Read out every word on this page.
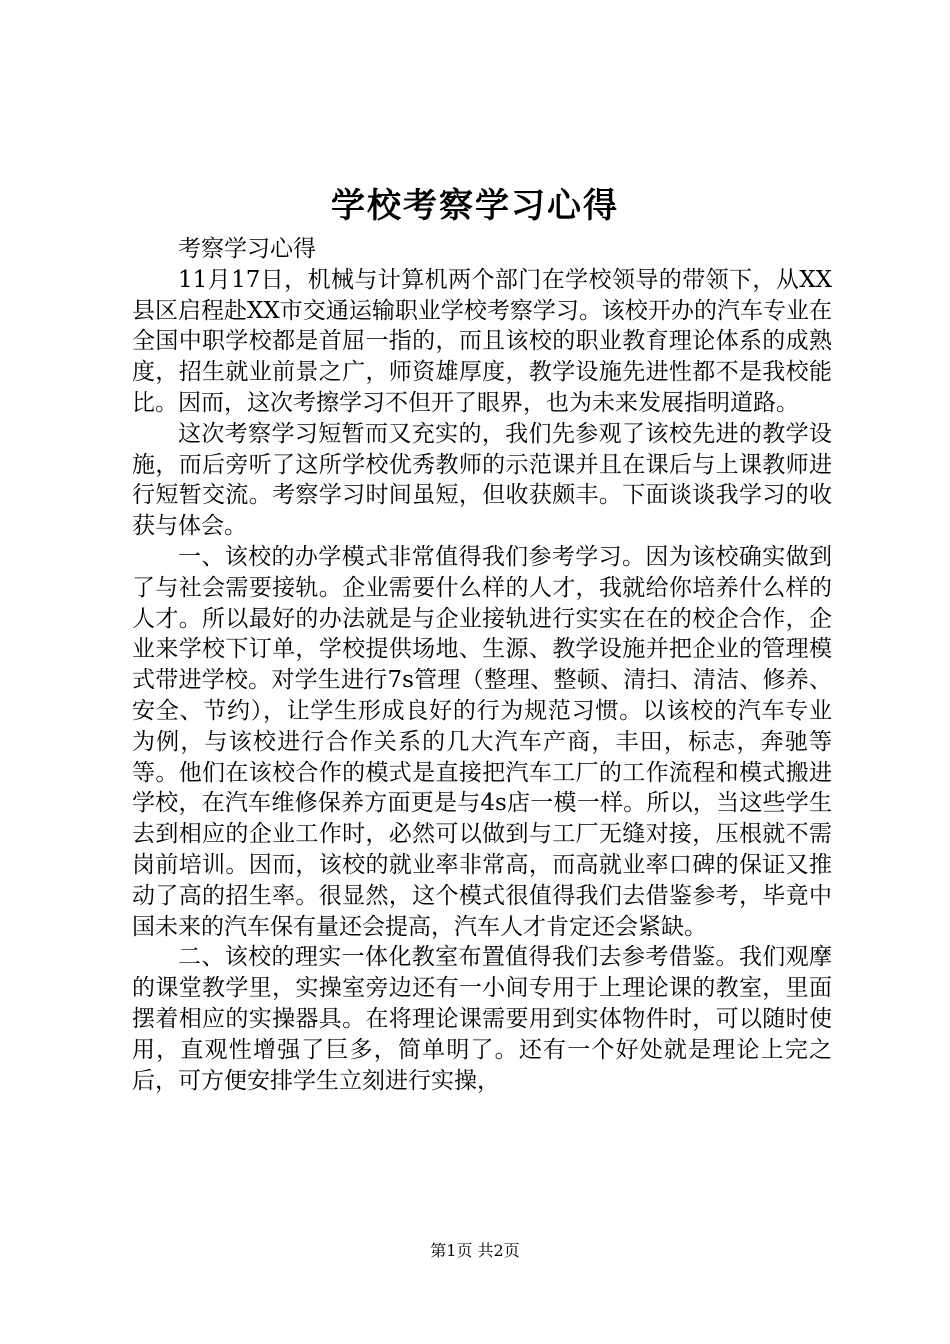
学校考察学习心得

考察学习心得

11月17日，机械与计算机两个部门在学校领导的带领下，从XX县区启程赴XX市交通运输职业学校考察学习。该校开办的汽车专业在全国中职学校都是首屈一指的，而且该校的职业教育理论体系的成熟度，招生就业前景之广，师资雄厚度，教学设施先进性都不是我校能比。因而，这次考擦学习不但开了眼界，也为未来发展指明道路。

这次考察学习短暂而又充实的，我们先参观了该校先进的教学设施，而后旁听了这所学校优秀教师的示范课并且在课后与上课教师进行短暂交流。考察学习时间虽短，但收获颇丰。下面谈谈我学习的收获与体会。

一、该校的办学模式非常值得我们参考学习。因为该校确实做到了与社会需要接轨。企业需要什么样的人才，我就给你培养什么样的人才。所以最好的办法就是与企业接轨进行实实在在的校企合作，企业来学校下订单，学校提供场地、生源、教学设施并把企业的管理模式带进学校。对学生进行7s管理（整理、整顿、清扫、清洁、修养、安全、节约），让学生形成良好的行为规范习惯。以该校的汽车专业为例，与该校进行合作关系的几大汽车产商，丰田，标志，奔驰等等。他们在该校合作的模式是直接把汽车工厂的工作流程和模式搬进学校，在汽车维修保养方面更是与4s店一模一样。所以，当这些学生去到相应的企业工作时，必然可以做到与工厂无缝对接，压根就不需岗前培训。因而，该校的就业率非常高，而高就业率口碑的保证又推动了高的招生率。很显然，这个模式很值得我们去借鉴参考，毕竟中国未来的汽车保有量还会提高，汽车人才肯定还会紧缺。

二、该校的理实一体化教室布置值得我们去参考借鉴。我们观摩的课堂教学里，实操室旁边还有一小间专用于上理论课的教室，里面摆着相应的实操器具。在将理论课需要用到实体物件时，可以随时使用，直观性增强了巨多，简单明了。还有一个好处就是理论上完之后，可方便安排学生立刻进行实操，

第1页 共2页
